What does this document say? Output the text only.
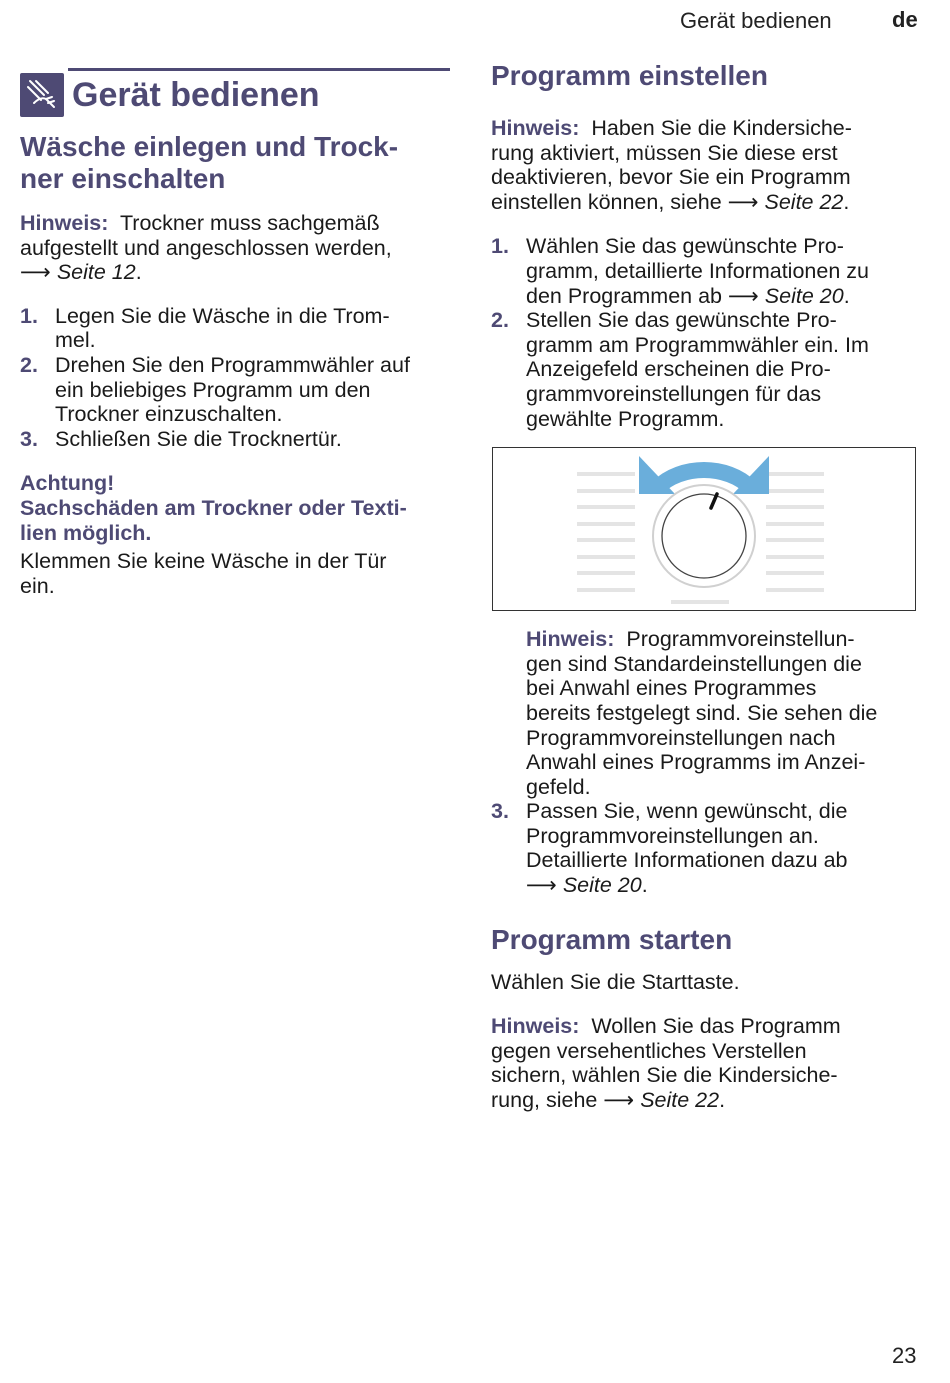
Gerät bedienen	de
Gerät bedienen
Wäsche einlegen und Trock-
ner einschalten

Hinweis: Trockner muss sachgemäß
aufgestellt und angeschlossen werden,
⟶ Seite 12.

1. Legen Sie die Wäsche in die Trom-
mel.
2. Drehen Sie den Programmwähler auf
ein beliebiges Programm um den
Trockner einzuschalten.
3. Schließen Sie die Trocknertür.

Achtung!

Sachschäden am Trockner oder Texti-
lien möglich.

Klemmen Sie keine Wäsche in der Tür
ein.

Programm einstellen

Hinweis: Haben Sie die Kindersiche-
rung aktiviert, müssen Sie diese erst
deaktivieren, bevor Sie ein Programm
einstellen können, siehe ⟶ Seite 22.

1. Wählen Sie das gewünschte Pro-
gramm, detaillierte Informationen zu
den Programmen ab ⟶ Seite 20.
2. Stellen Sie das gewünschte Pro-
gramm am Programmwähler ein. Im
Anzeigefeld erscheinen die Pro-
grammvoreinstellungen für das
gewählte Programm.

Hinweis: Programmvoreinstellun-
gen sind Standardeinstellungen die
bei Anwahl eines Programmes
bereits festgelegt sind. Sie sehen die
Programmvoreinstellungen nach
Anwahl eines Programms im Anzei-
gefeld.

3. Passen Sie, wenn gewünscht, die
Programmvoreinstellungen an.
Detaillierte Informationen dazu ab
⟶ Seite 20.
Programm starten

Wählen Sie die Starttaste.

Hinweis: Wollen Sie das Programm
gegen versehentliches Verstellen
sichern, wählen Sie die Kindersiche-
rung, siehe ⟶ Seite 22.

23
